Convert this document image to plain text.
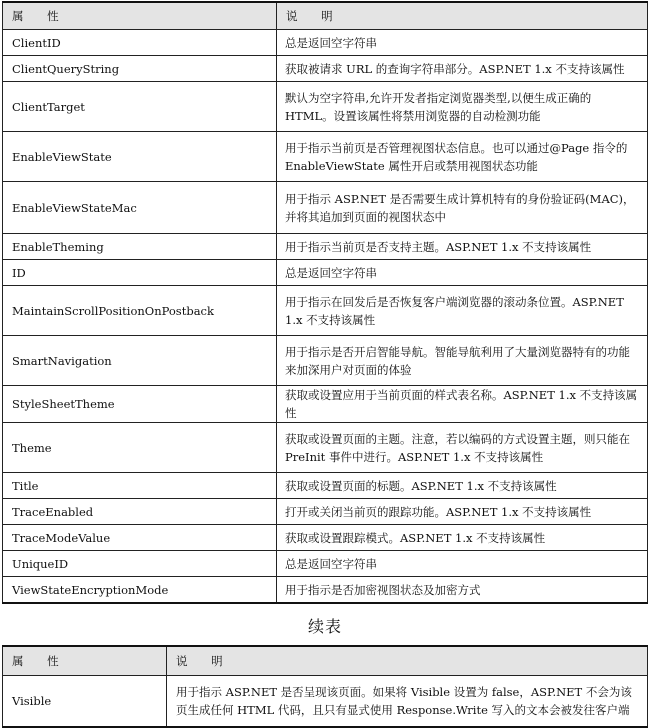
属 性	说 明
ClientID	总是返回空字符串
ClientQueryString	获取被请求 URL 的查询字符串部分。ASP.NET 1.x 不支持该属性
ClientTarget	默认为空字符串,允许开发者指定浏览器类型,以便生成正确的 HTML。设置该属性将禁用浏览器的自动检测功能
EnableViewState	用于指示当前页是否管理视图状态信息。也可以通过@Page 指令的 EnableViewState 属性开启或禁用视图状态功能
EnableViewStateMac	用于指示 ASP.NET 是否需要生成计算机特有的身份验证码(MAC)，并将其追加到页面的视图状态中
EnableTheming	用于指示当前页是否支持主题。ASP.NET 1.x 不支持该属性
ID	总是返回空字符串
MaintainScrollPositionOnPostback	用于指示在回发后是否恢复客户端浏览器的滚动条位置。ASP.NET 1.x 不支持该属性
SmartNavigation	用于指示是否开启智能导航。智能导航利用了大量浏览器特有的功能来加深用户对页面的体验
StyleSheetTheme	获取或设置应用于当前页面的样式表名称。ASP.NET 1.x 不支持该属性
Theme	获取或设置页面的主题。注意，若以编码的方式设置主题，则只能在 PreInit 事件中进行。ASP.NET 1.x 不支持该属性
Title	获取或设置页面的标题。ASP.NET 1.x 不支持该属性
TraceEnabled	打开或关闭当前页的跟踪功能。ASP.NET 1.x 不支持该属性
TraceModeValue	获取或设置跟踪模式。ASP.NET 1.x 不支持该属性
UniqueID	总是返回空字符串
ViewStateEncryptionMode	用于指示是否加密视图状态及加密方式
续表
属 性	说 明
Visible	用于指示 ASP.NET 是否呈现该页面。如果将 Visible 设置为 false，ASP.NET 不会为该页生成任何 HTML 代码，且只有显式使用 Response.Write 写入的文本会被发往客户端
